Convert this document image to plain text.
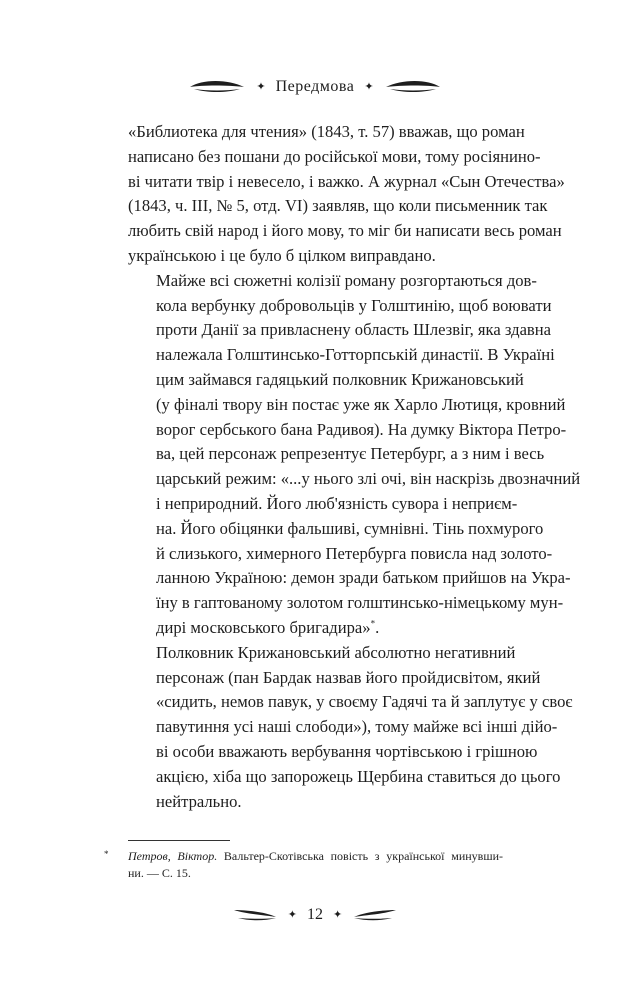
✦ Передмова ✦

«Библиотека для чтения» (1843, т. 57) вважав, що роман
написано без пошани до російської мови, тому росіянино-
ві читати твір і невесело, і важко. А журнал «Сын Отечества»
(1843, ч. ІІІ, № 5, отд. VI) заявляв, що коли письменник так
любить свій народ і його мову, то міг би написати весь роман
українською і це було б цілком виправдано.

Майже всі сюжетні колізії роману розгортаються дов-
кола вербунку добровольців у Голштинію, щоб воювати
проти Данії за привласнену область Шлезвіг, яка здавна
належала Голштинсько-Готторпській династії. В Україні
цим займався гадяцький полковник Крижановський
(у фіналі твору він постає уже як Харло Лютиця, кровний
ворог сербського бана Радивоя). На думку Віктора Петро-
ва, цей персонаж репрезентує Петербург, а з ним і весь
царський режим: «...у нього злі очі, він наскрізь двозначний
і неприродний. Його люб'язність сувора і неприєм-
на. Його обіцянки фальшиві, сумнівні. Тінь похмурого
й слизького, химерного Петербурга повисла над золото-
ланною Україною: демон зради батьком прийшов на Укра-
їну в гаптованому золотом голштинсько-німецькому мун-
дирі московського бригадира»*.

Полковник Крижановський абсолютно негативний
персонаж (пан Бардак назвав його пройдисвітом, який
«сидить, немов павук, у своєму Гадячі та й заплутує у своє
павутиння усі наші слободи»), тому майже всі інші дійо-
ві особи вважають вербування чортівською і грішною
акцією, хіба що запорожець Щербина ставиться до цього
нейтрально.

* Петров, Віктор. Вальтер-Скотівська повість з української минувши-
ни. — С. 15.
✦ 12 ✦
